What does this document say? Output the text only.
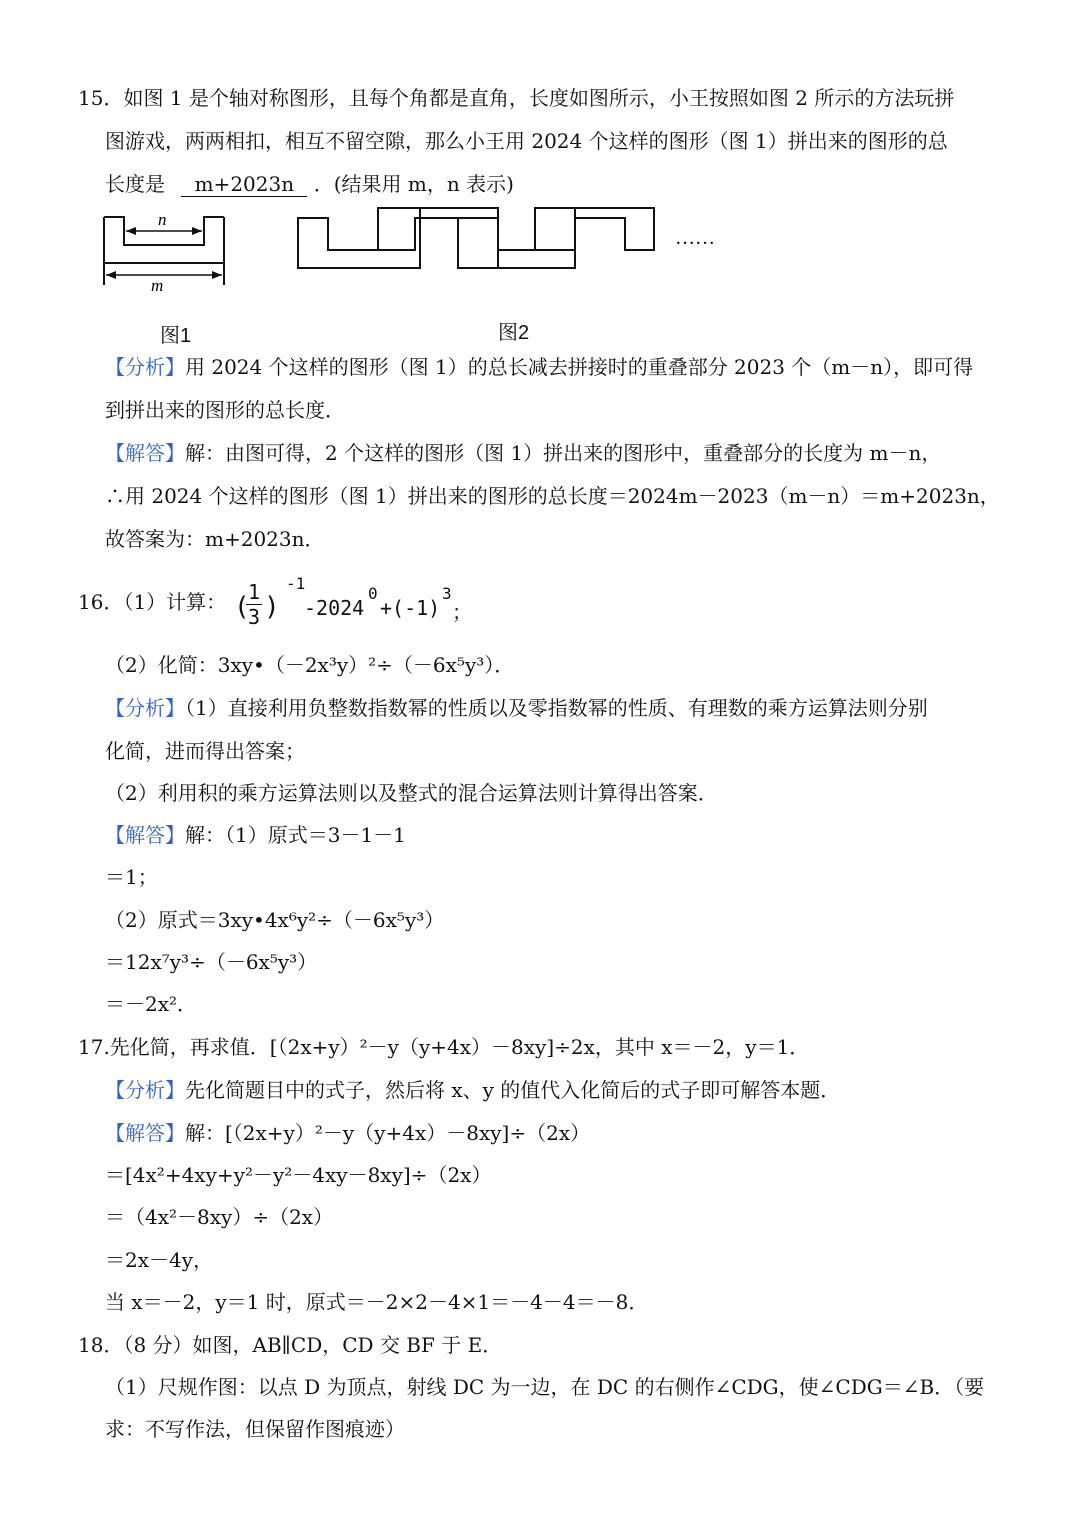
15．如图 1 是个轴对称图形，且每个角都是直角，长度如图所示，小王按照如图 2 所示的方法玩拼
图游戏，两两相扣，相互不留空隙，那么小王用 2024 个这样的图形（图 1）拼出来的图形的总
长度是 m+2023n ．(结果用 m，n 表示)
n
m
……
图1	图2
【分析】用 2024 个这样的图形（图 1）的总长减去拼接时的重叠部分 2023 个（m－n），即可得
到拼出来的图形的总长度．
【解答】解：由图可得，2 个这样的图形（图 1）拼出来的图形中，重叠部分的长度为 m－n，
∴用 2024 个这样的图形（图 1）拼出来的图形的总长度＝2024m－2023（m－n）＝m+2023n，
故答案为：m+2023n．
16．（1）计算： (
1
3 )
-1
-2024
0
+(-1)
3
；
（2）化简：3xy•（－2x³y）²÷（－6x⁵y³）．
【分析】（1）直接利用负整数指数幂的性质以及零指数幂的性质、有理数的乘方运算法则分别
化简，进而得出答案；
（2）利用积的乘方运算法则以及整式的混合运算法则计算得出答案．
【解答】解：（1）原式＝3－1－1
＝1；
（2）原式＝3xy•4x⁶y²÷（－6x⁵y³）
＝12x⁷y³÷（－6x⁵y³）
＝－2x²．
17.先化简，再求值．[（2x+y）²－y（y+4x）－8xy]÷2x，其中 x＝－2，y＝1．
【分析】先化简题目中的式子，然后将 x、y 的值代入化简后的式子即可解答本题．
【解答】解：[（2x+y）²－y（y+4x）－8xy]÷（2x）
＝[4x²+4xy+y²－y²－4xy－8xy]÷（2x）
＝（4x²－8xy）÷（2x）
＝2x－4y，
当 x＝－2，y＝1 时，原式＝－2×2－4×1＝－4－4＝－8．
18．（8 分）如图，AB∥CD，CD 交 BF 于 E．
（1）尺规作图：以点 D 为顶点，射线 DC 为一边，在 DC 的右侧作∠CDG，使∠CDG＝∠B．（要
求：不写作法，但保留作图痕迹）
